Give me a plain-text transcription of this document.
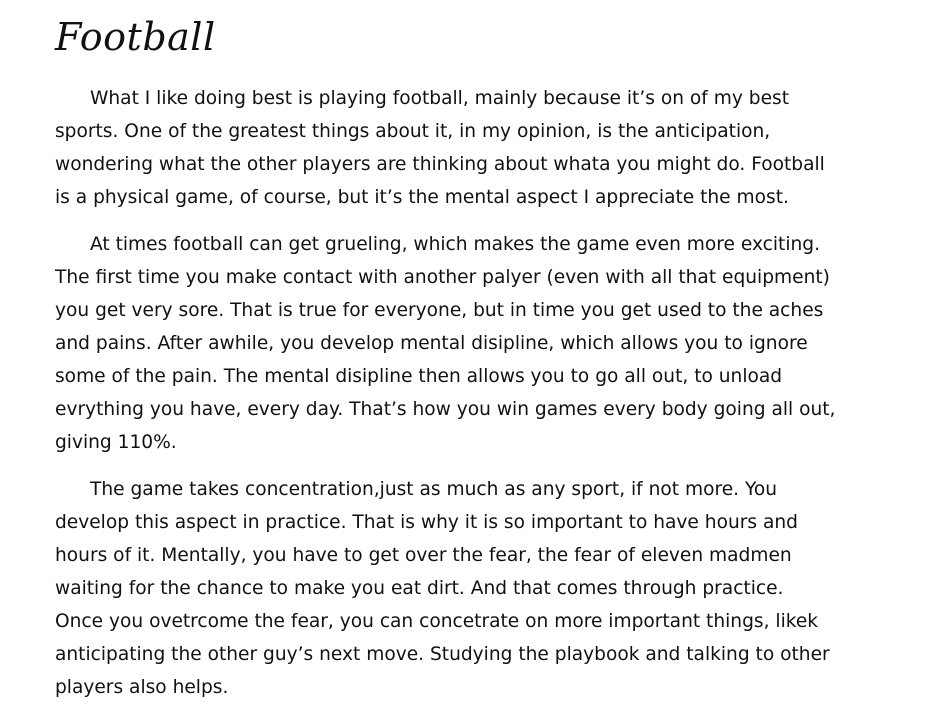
Football
What I like doing best is playing football, mainly because it’s on of my best
sports. One of the greatest things about it, in my opinion, is the anticipation,
wondering what the other players are thinking about whata you might do. Football
is a physical game, of course, but it’s the mental aspect I appreciate the most.
At times football can get grueling, which makes the game even more exciting.
The first time you make contact with another palyer (even with all that equipment)
you get very sore. That is true for everyone, but in time you get used to the aches
and pains. After awhile, you develop mental disipline, which allows you to ignore
some of the pain. The mental disipline then allows you to go all out, to unload
evrything you have, every day. That’s how you win games every body going all out,
giving 110%.
The game takes concentration,just as much as any sport, if not more. You
develop this aspect in practice. That is why it is so important to have hours and
hours of it. Mentally, you have to get over the fear, the fear of eleven madmen
waiting for the chance to make you eat dirt. And that comes through practice.
Once you ovetrcome the fear, you can concetrate on more important things, likek
anticipating the other guy’s next move. Studying the playbook and talking to other
players also helps.
